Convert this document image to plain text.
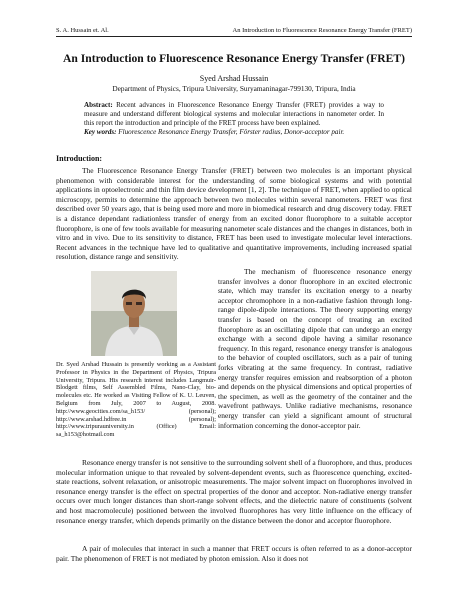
S. A. Hussain et. Al.	An Introduction to Fluorescence Resonance Energy Transfer (FRET)
An Introduction to Fluorescence Resonance Energy Transfer (FRET)
Syed Arshad Hussain
Department of Physics, Tripura University, Suryamaninagar-799130, Tripura, India
Abstract: Recent advances in Fluorescence Resonance Energy Transfer (FRET) provides a way to measure and understand different biological systems and molecular interactions in nanometer order. In this report the introduction and principle of the FRET process have been explained.
Key words: Fluorescence Resonance Energy Transfer, Förster radius, Donor-acceptor pair.
Introduction:

The Fluorescence Resonance Energy Transfer (FRET) between two molecules is an important physical phenomenon with considerable interest for the understanding of some biological systems and with potential applications in optoelectronic and thin film device development [1, 2]. The technique of FRET, when applied to optical microscopy, permits to determine the approach between two molecules within several nanometers. FRET was first described over 50 years ago, that is being used more and more in biomedical research and drug discovery today. FRET is a distance dependant radiationless transfer of energy from an excited donor fluorophore to a suitable acceptor fluorophore, is one of few tools available for measuring nanometer scale distances and the changes in distances, both in vitro and in vivo. Due to its sensitivity to distance, FRET has been used to investigate molecular level interactions. Recent advances in the technique have led to qualitative and quantitative improvements, including increased spatial resolution, distance range and sensitivity.

Dr. Syed Arshad Hussain is presently working as a Assistant Professor in Physics in the Department of Physics, Tripura University, Tripura. His research interest includes Langmuir-Blodgett films, Self Assembled Films, Nano-Clay, bio-molecules etc. He worked as Visiting Fellow of K. U. Leuven, Belgium from July, 2007 to August, 2008. http://www.geocities.com/sa_h153/ (personal); http://www.arshad.hdfree.in (personal); http://www.tripurauniversity.in (Office) Email: sa_h153@hotmail.com

The mechanism of fluorescence resonance energy transfer involves a donor fluorophore in an excited electronic state, which may transfer its excitation energy to a nearby acceptor chromophore in a non-radiative fashion through long-range dipole-dipole interactions. The theory supporting energy transfer is based on the concept of treating an excited fluorophore as an oscillating dipole that can undergo an energy exchange with a second dipole having a similar resonance frequency. In this regard, resonance energy transfer is analogous to the behavior of coupled oscillators, such as a pair of tuning forks vibrating at the same frequency. In contrast, radiative energy transfer requires emission and reabsorption of a photon and depends on the physical dimensions and optical properties of the specimen, as well as the geometry of the container and the wavefront pathways. Unlike radiative mechanisms, resonance energy transfer can yield a significant amount of structural information concerning the donor-acceptor pair.

Resonance energy transfer is not sensitive to the surrounding solvent shell of a fluorophore, and thus, produces molecular information unique to that revealed by solvent-dependent events, such as fluorescence quenching, excited-state reactions, solvent relaxation, or anisotropic measurements. The major solvent impact on fluorophores involved in resonance energy transfer is the effect on spectral properties of the donor and acceptor. Non-radiative energy transfer occurs over much longer distances than short-range solvent effects, and the dielectric nature of constituents (solvent and host macromolecule) positioned between the involved fluorophores has very little influence on the efficacy of resonance energy transfer, which depends primarily on the distance between the donor and acceptor fluorophore.

A pair of molecules that interact in such a manner that FRET occurs is often referred to as a donor-acceptor pair. The phenomenon of FRET is not mediated by photon emission. Also it does not
